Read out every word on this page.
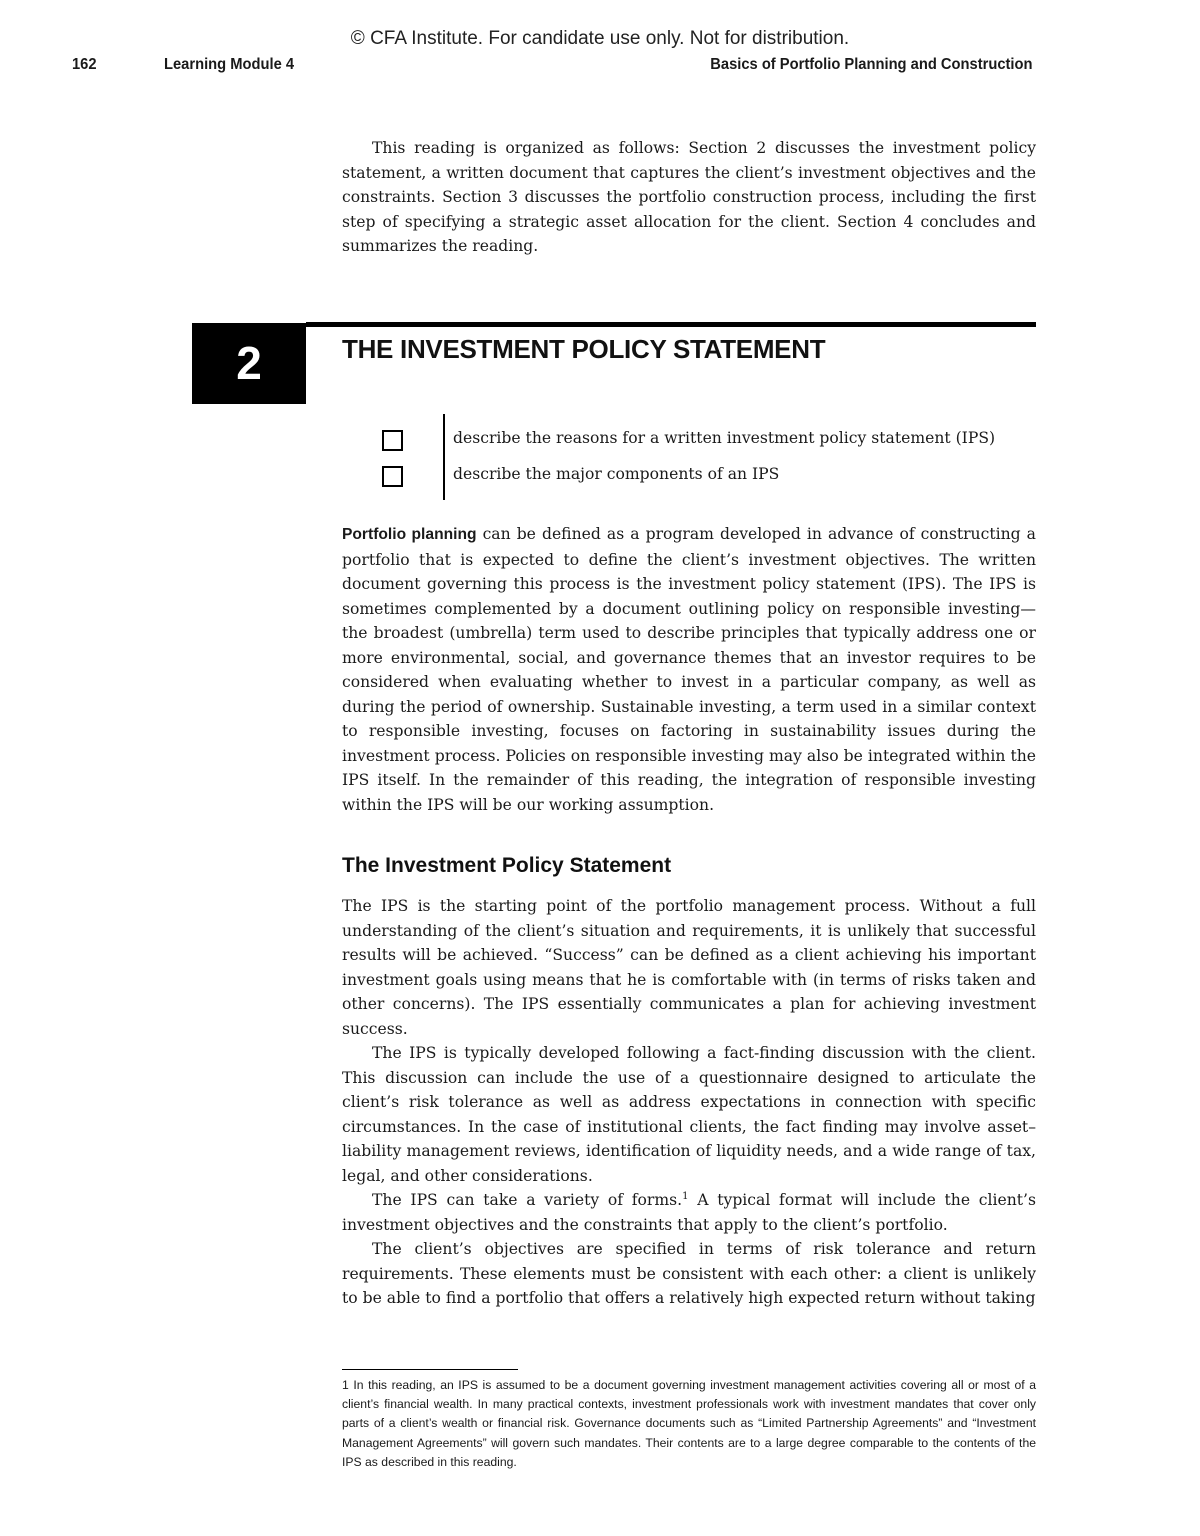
© CFA Institute. For candidate use only. Not for distribution.
162	Learning Module 4	Basics of Portfolio Planning and Construction

This reading is organized as follows: Section 2 discusses the investment policy statement, a written document that captures the client’s investment objectives and the constraints. Section 3 discusses the portfolio construction process, including the first step of specifying a strategic asset allocation for the client. Section 4 concludes and summarizes the reading.

2	THE INVESTMENT POLICY STATEMENT
describe the reasons for a written investment policy statement (IPS)
describe the major components of an IPS

Portfolio planning can be defined as a program developed in advance of constructing a portfolio that is expected to define the client’s investment objectives. The written document governing this process is the investment policy statement (IPS). The IPS is sometimes complemented by a document outlining policy on responsible investing—the broadest (umbrella) term used to describe principles that typically address one or more environmental, social, and governance themes that an investor requires to be considered when evaluating whether to invest in a particular company, as well as during the period of ownership. Sustainable investing, a term used in a similar context to responsible investing, focuses on factoring in sustainability issues during the investment process. Policies on responsible investing may also be integrated within the IPS itself. In the remainder of this reading, the integration of responsible investing within the IPS will be our working assumption.

The Investment Policy Statement

The IPS is the starting point of the portfolio management process. Without a full understanding of the client’s situation and requirements, it is unlikely that successful results will be achieved. “Success” can be defined as a client achieving his important investment goals using means that he is comfortable with (in terms of risks taken and other concerns). The IPS essentially communicates a plan for achieving investment success.

The IPS is typically developed following a fact-finding discussion with the client. This discussion can include the use of a questionnaire designed to articulate the client’s risk tolerance as well as address expectations in connection with specific circumstances. In the case of institutional clients, the fact finding may involve asset–liability management reviews, identification of liquidity needs, and a wide range of tax, legal, and other considerations.

The IPS can take a variety of forms.$^1$ A typical format will include the client’s investment objectives and the constraints that apply to the client’s portfolio.

The client’s objectives are specified in terms of risk tolerance and return requirements. These elements must be consistent with each other: a client is unlikely to be able to find a portfolio that offers a relatively high expected return without taking

1 In this reading, an IPS is assumed to be a document governing investment management activities covering all or most of a client’s financial wealth. In many practical contexts, investment professionals work with investment mandates that cover only parts of a client’s wealth or financial risk. Governance documents such as “Limited Partnership Agreements” and “Investment Management Agreements” will govern such mandates. Their contents are to a large degree comparable to the contents of the IPS as described in this reading.
